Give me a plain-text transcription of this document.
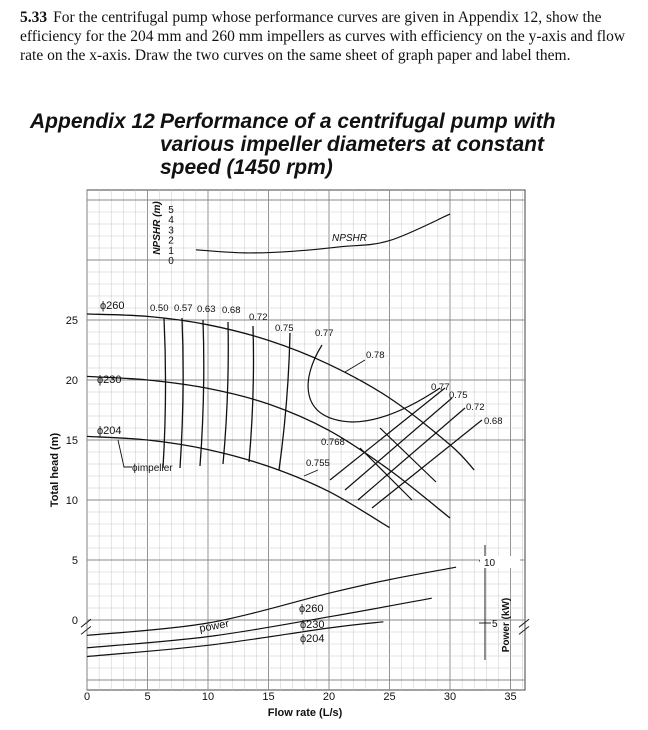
5.33 For the centrifugal pump whose performance curves are given in Appendix 12, show the efficiency for the 204 mm and 260 mm impellers as curves with efficiency on the y-axis and flow rate on the x-axis. Draw the two curves on the same sheet of graph paper and label them.
Appendix 12 Performance of a centrifugal pump with various impeller diameters at constant speed (1450 rpm)
0	5	10	15	20	25	30	35
Flow rate (L/s)
0
5
10
15
20
25
Total head (m)
0
1
2
3
4
5
NPSHR (m)
5 Power (kW)
ϕ260
ϕ230
ϕ204
ϕimpeller
NPSHR
ϕ260
ϕ230
ϕ204
power
0.50 0.57 0.63 0.68
0.72
0.75 0.77
0.78
0.77
0.75
0.72
0.68
0.768
0.755
10
